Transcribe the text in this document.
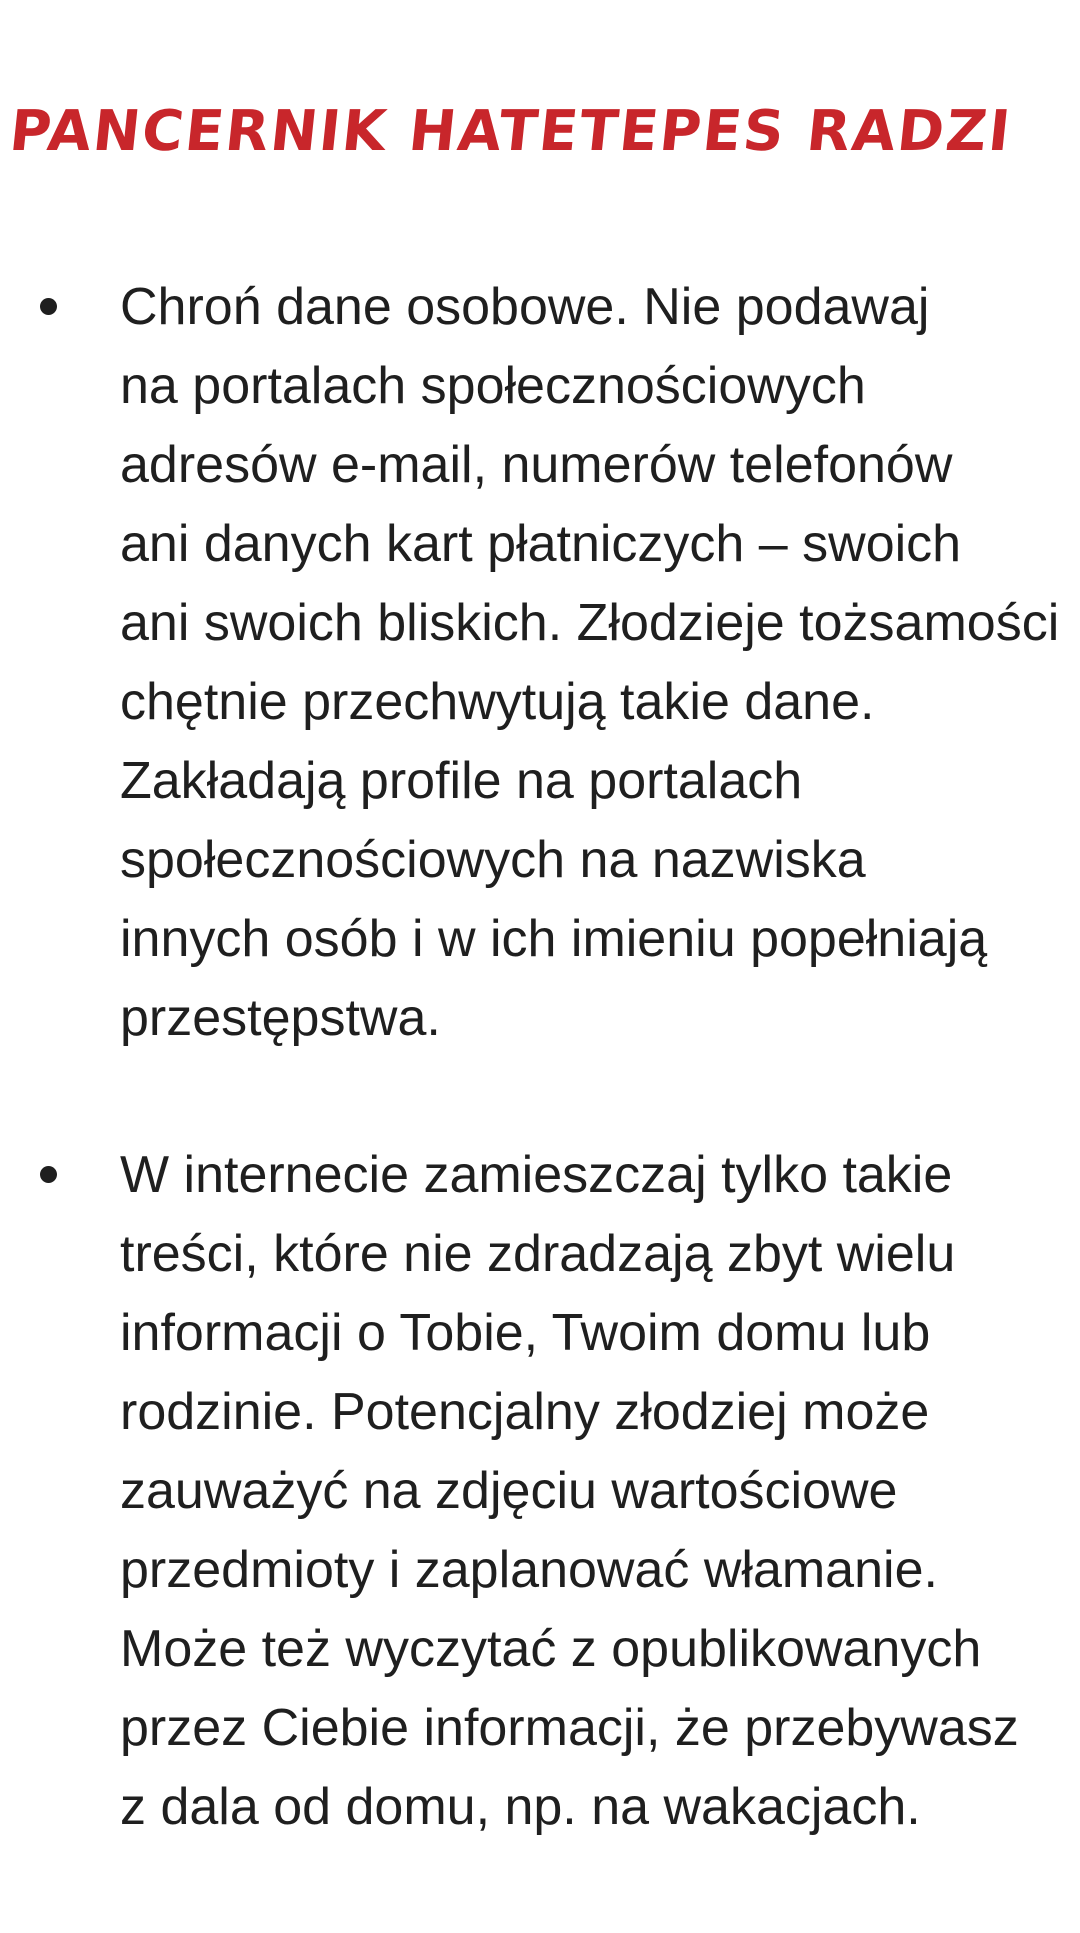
PANCERNIK HATETEPES RADZI

Chroń dane osobowe. Nie podawaj
na portalach społecznościowych
adresów e-mail, numerów telefonów
ani danych kart płatniczych – swoich
ani swoich bliskich. Złodzieje tożsamości
chętnie przechwytują takie dane.
Zakładają profile na portalach
społecznościowych na nazwiska
innych osób i w ich imieniu popełniają
przestępstwa.

W internecie zamieszczaj tylko takie
treści, które nie zdradzają zbyt wielu
informacji o Tobie, Twoim domu lub
rodzinie. Potencjalny złodziej może
zauważyć na zdjęciu wartościowe
przedmioty i zaplanować włamanie.
Może też wyczytać z opublikowanych
przez Ciebie informacji, że przebywasz
z dala od domu, np. na wakacjach.
